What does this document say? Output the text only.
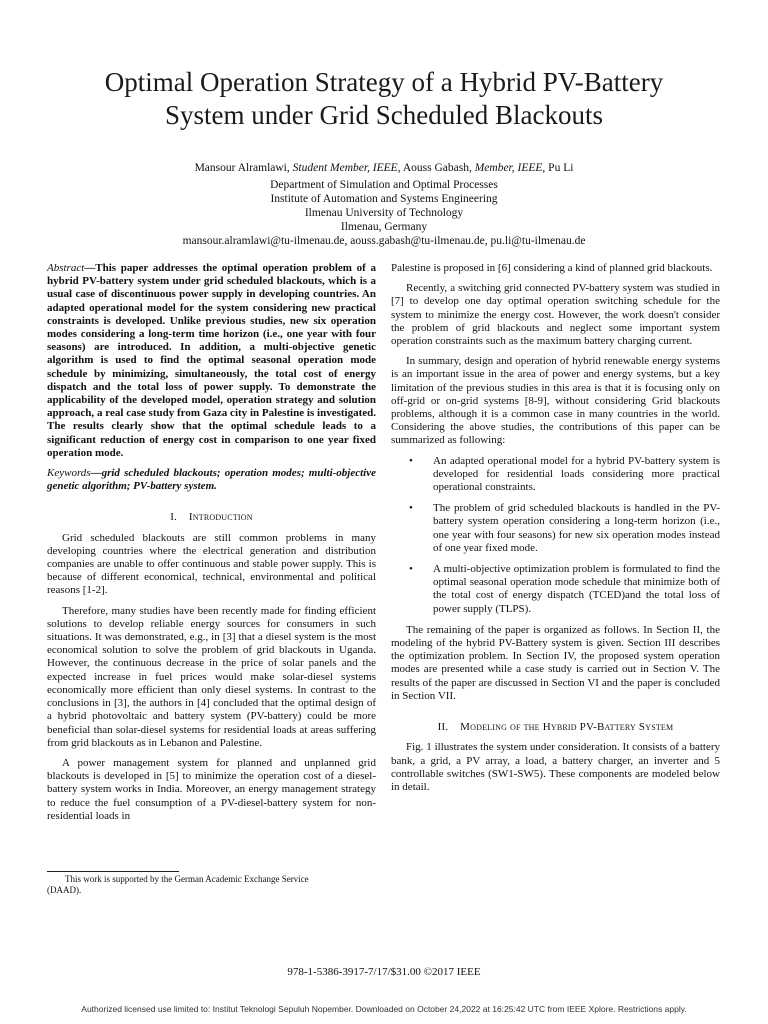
Optimal Operation Strategy of a Hybrid PV-Battery
System under Grid Scheduled Blackouts
Mansour Alramlawi, Student Member, IEEE, Aouss Gabash, Member, IEEE, Pu Li
Department of Simulation and Optimal Processes
Institute of Automation and Systems Engineering
Ilmenau University of Technology
Ilmenau, Germany
mansour.alramlawi@tu-ilmenau.de, aouss.gabash@tu-ilmenau.de, pu.li@tu-ilmenau.de

Abstract—This paper addresses the optimal operation problem of a hybrid PV-battery system under grid scheduled blackouts, which is a usual case of discontinuous power supply in developing countries. An adapted operational model for the system considering new practical constraints is developed. Unlike previous studies, new six operation modes considering a long-term time horizon (i.e., one year with four seasons) are introduced. In addition, a multi-objective genetic algorithm is used to find the optimal seasonal operation mode schedule by minimizing, simultaneously, the total cost of energy dispatch and the total loss of power supply. To demonstrate the applicability of the developed model, operation strategy and solution approach, a real case study from Gaza city in Palestine is investigated. The results clearly show that the optimal schedule leads to a significant reduction of energy cost in comparison to one year fixed operation mode.

Keywords—grid scheduled blackouts; operation modes; multi-objective genetic algorithm; PV-battery system.

I. Introduction

Grid scheduled blackouts are still common problems in many developing countries where the electrical generation and distribution companies are unable to offer continuous and stable power supply. This is because of different economical, technical, environmental and political reasons [1-2].

Therefore, many studies have been recently made for finding efficient solutions to develop reliable energy sources for consumers in such situations. It was demonstrated, e.g., in [3] that a diesel system is the most economical solution to solve the problem of grid blackouts in Uganda. However, the continuous decrease in the price of solar panels and the expected increase in fuel prices would make solar-diesel systems economically more efficient than only diesel systems. In contrast to the conclusions in [3], the authors in [4] concluded that the optimal design of a hybrid photovoltaic and battery system (PV-battery) could be more beneficial than solar-diesel systems for residential loads at areas suffering from grid blackouts as in Lebanon and Palestine.

A power management system for planned and unplanned grid blackouts is developed in [5] to minimize the operation cost of a diesel-battery system works in India. Moreover, an energy management strategy to reduce the fuel consumption of a PV-diesel-battery system for non-residential loads in

Palestine is proposed in [6] considering a kind of planned grid blackouts.

Recently, a switching grid connected PV-battery system was studied in [7] to develop one day optimal operation switching schedule for the system to minimize the energy cost. However, the work doesn't consider the problem of grid blackouts and neglect some important system operation constraints such as the maximum battery charging current.

In summary, design and operation of hybrid renewable energy systems is an important issue in the area of power and energy systems, but a key limitation of the previous studies in this area is that it is focusing only on off-grid or on-grid systems [8-9], without considering Grid blackouts problems, although it is a common case in many countries in the world. Considering the above studies, the contributions of this paper can be summarized as following:

• An adapted operational model for a hybrid PV-battery system is developed for residential loads considering more practical operational constraints.
• The problem of grid scheduled blackouts is handled in the PV-battery system operation considering a long-term horizon (i.e., one year with four seasons) for new six operation modes instead of one year fixed mode.
• A multi-objective optimization problem is formulated to find the optimal seasonal operation mode schedule that minimize both of the total cost of energy dispatch (TCED)and the total loss of power supply (TLPS).

The remaining of the paper is organized as follows. In Section II, the modeling of the hybrid PV-Battery system is given. Section III describes the optimization problem. In Section IV, the proposed system operation modes are presented while a case study is carried out in Section V. The results of the paper are discussed in Section VI and the paper is concluded in Section VII.

II. Modeling of the Hybrid PV-Battery System

Fig. 1 illustrates the system under consideration. It consists of a battery bank, a grid, a PV array, a load, a battery charger, an inverter and 5 controllable switches (SW1-SW5). These components are modeled below in detail.

This work is supported by the German Academic Exchange Service
(DAAD).
978-1-5386-3917-7/17/$31.00 ©2017 IEEE
Authorized licensed use limited to: Institut Teknologi Sepuluh Nopember. Downloaded on October 24,2022 at 16:25:42 UTC from IEEE Xplore. Restrictions apply.
